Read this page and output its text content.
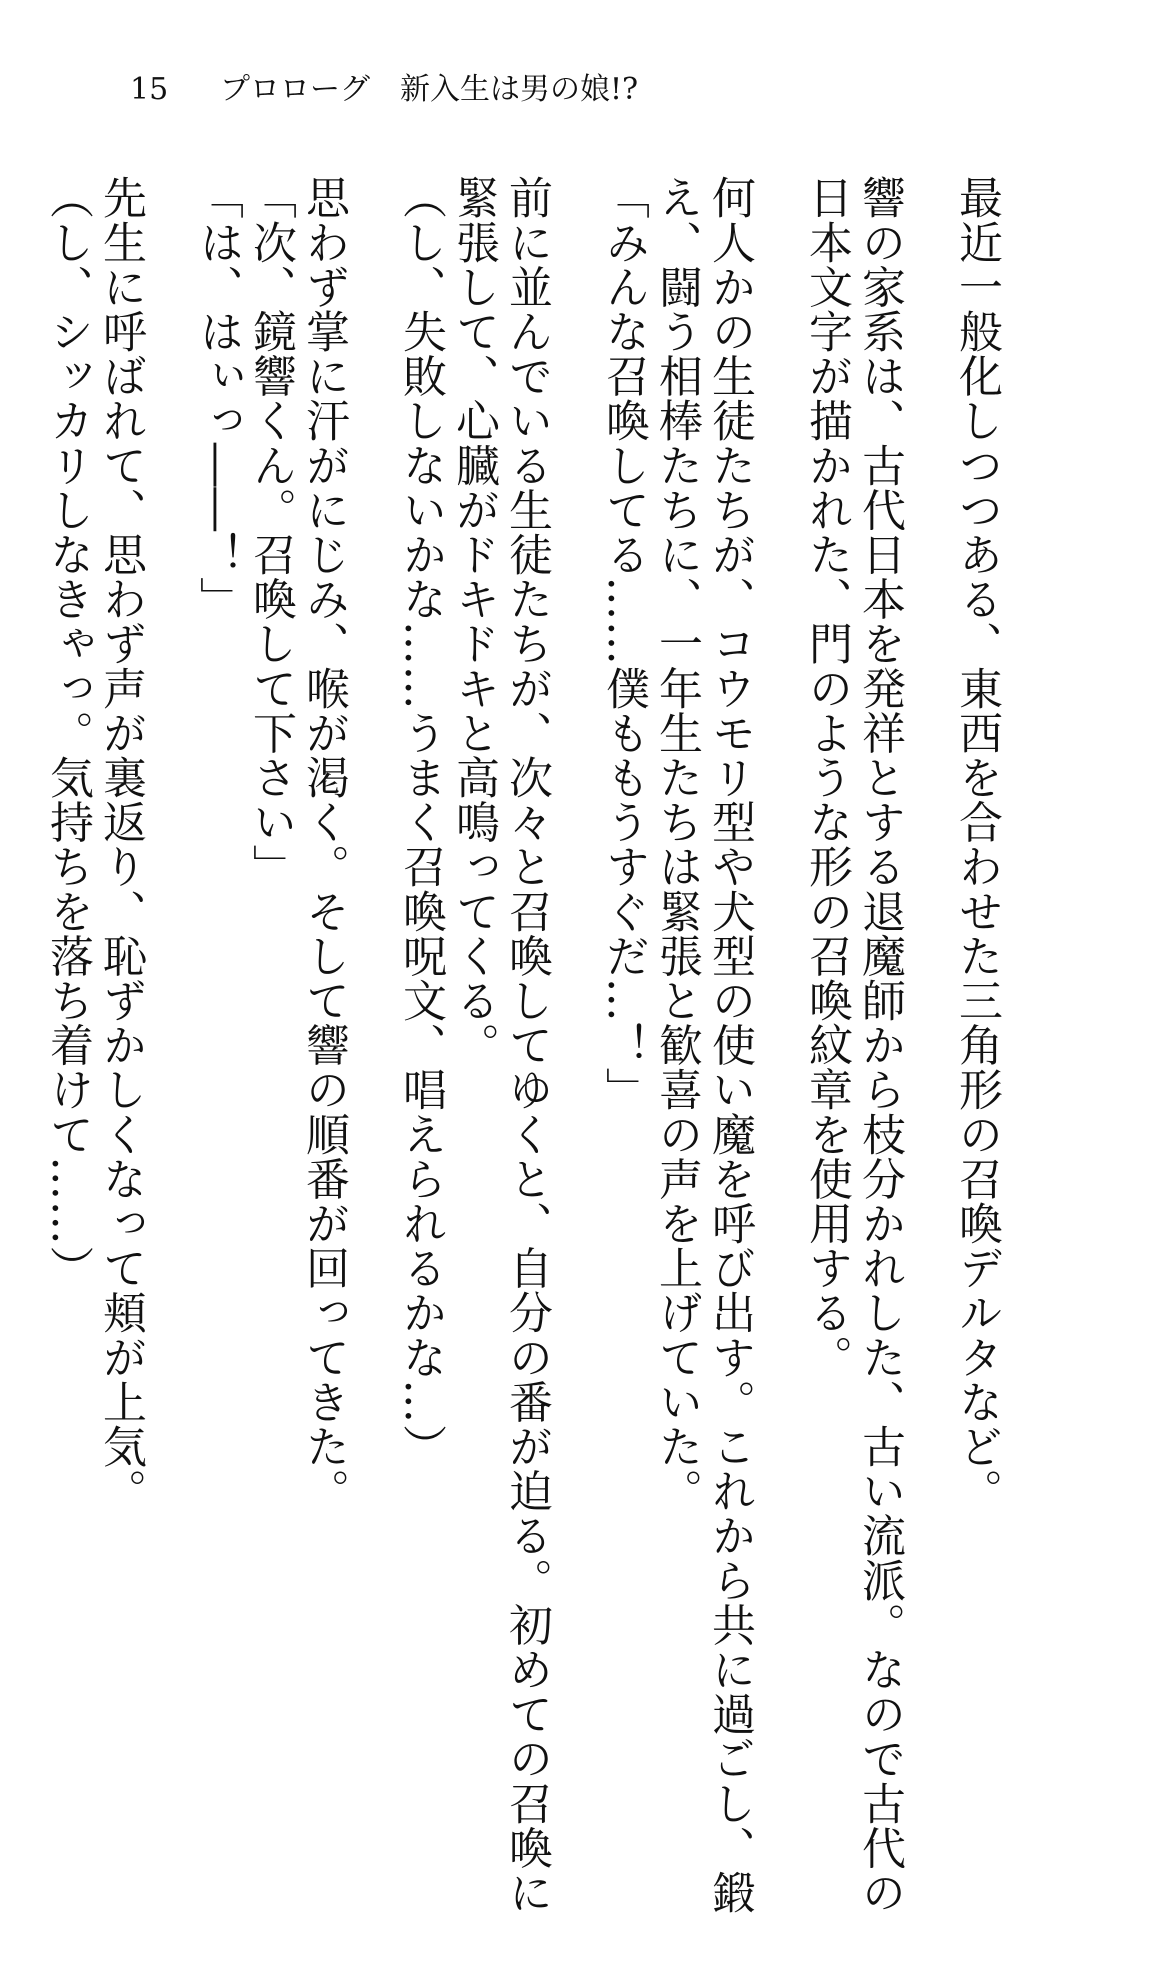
15 プロローグ　新入生は男の娘!?
最近一般化しつつある、東西を合わせた三角形の召喚デルタなど。
響の家系は、古代日本を発祥とする退魔師から枝分かれした、古い流派。なので古代の
日本文字が描かれた、門のような形の召喚紋章を使用する。
何人かの生徒たちが、コウモリ型や犬型の使い魔を呼び出す。これから共に過ごし、鍛
え、闘う相棒たちに、一年生たちは緊張と歓喜の声を上げていた。
「みんな召喚してる……僕ももうすぐだ…！」
前に並んでいる生徒たちが、次々と召喚してゆくと、自分の番が迫る。初めての召喚に
緊張して、心臓がドキドキと高鳴ってくる。
（し、失敗しないかな……うまく召喚呪文、唱えられるかな…）
思わず掌に汗がにじみ、喉が渇く。そして響の順番が回ってきた。
「次、鏡響くん。召喚して下さい」
「は、はぃっ――！」
先生に呼ばれて、思わず声が裏返り、恥ずかしくなって頬が上気。
（し、シッカリしなきゃっ。気持ちを落ち着けて……）
